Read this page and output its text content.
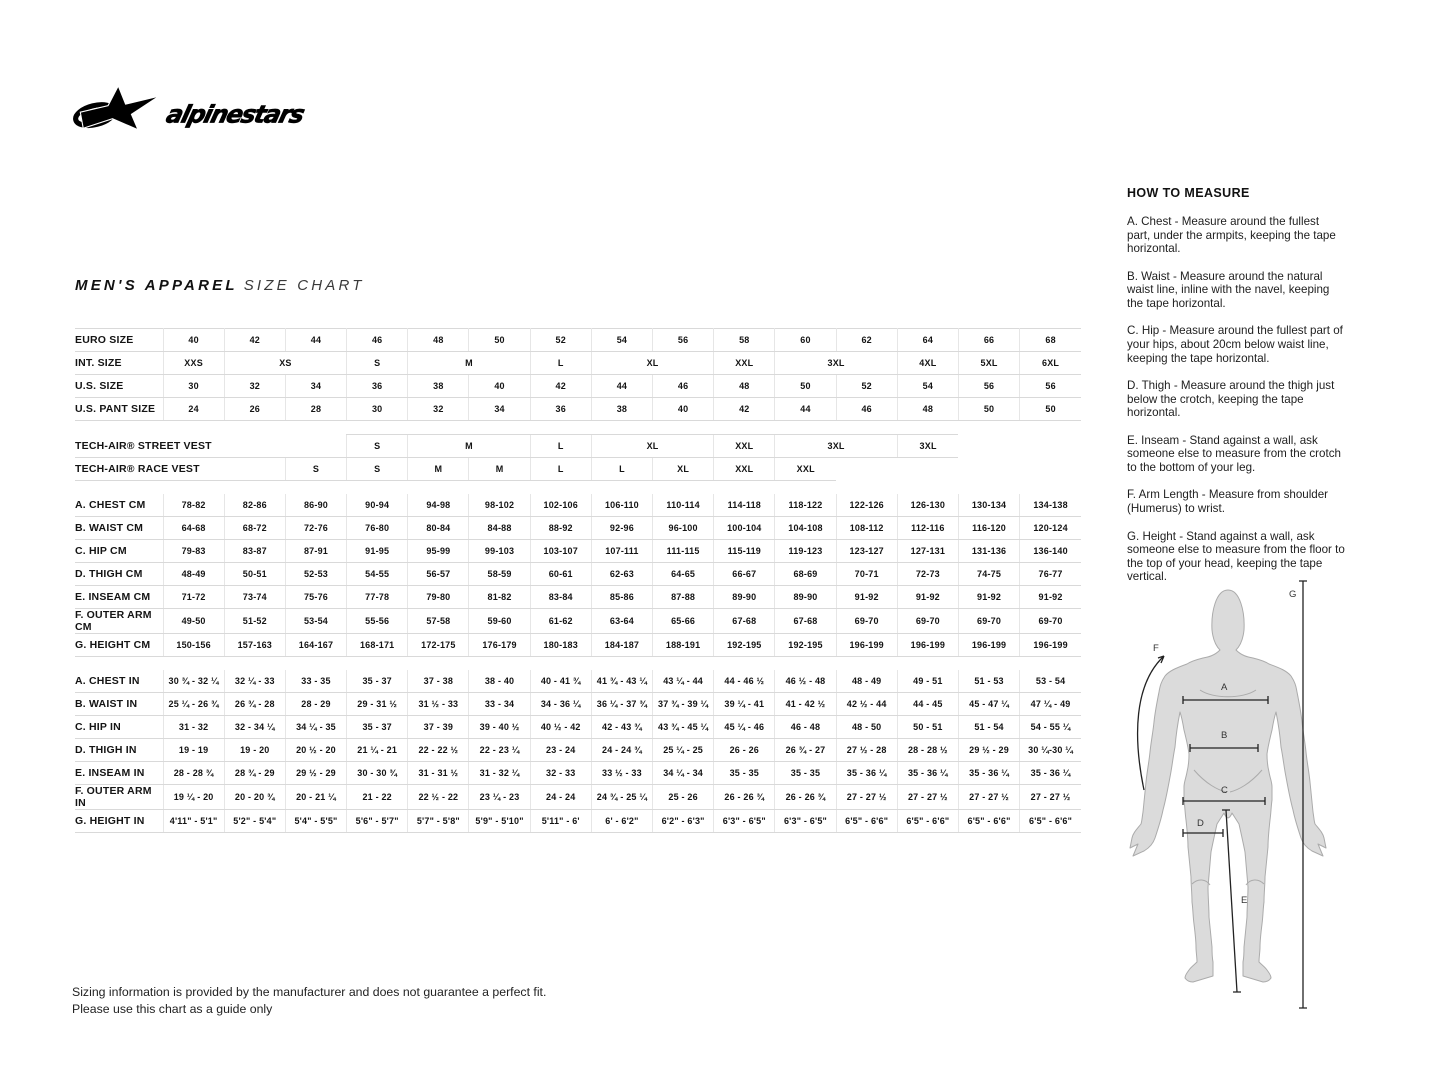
alpinestars
MEN'S APPAREL SIZE CHART
EURO SIZE	40	42	44	46	48	50	52	54	56	58	60	62	64	66	68
INT. SIZE	XXS	XS		S	M		L	XL		XXL	3XL		4XL	5XL	6XL
U.S. SIZE	30	32	34	36	38	40	42	44	46	48	50	52	54	56	56
U.S. PANT SIZE	24	26	28	30	32	34	36	38	40	42	44	46	48	50	50

TECH-AIR® STREET VEST				S	M		L	XL		XXL	3XL		3XL		
TECH-AIR® RACE VEST			S	S	M	M	L	L	XL	XXL	XXL				

A. CHEST CM	78-82	82-86	86-90	90-94	94-98	98-102	102-106	106-110	110-114	114-118	118-122	122-126	126-130	130-134	134-138
B. WAIST CM	64-68	68-72	72-76	76-80	80-84	84-88	88-92	92-96	96-100	100-104	104-108	108-112	112-116	116-120	120-124
C. HIP CM	79-83	83-87	87-91	91-95	95-99	99-103	103-107	107-111	111-115	115-119	119-123	123-127	127-131	131-136	136-140
D. THIGH CM	48-49	50-51	52-53	54-55	56-57	58-59	60-61	62-63	64-65	66-67	68-69	70-71	72-73	74-75	76-77
E. INSEAM CM	71-72	73-74	75-76	77-78	79-80	81-82	83-84	85-86	87-88	89-90	89-90	91-92	91-92	91-92	91-92
F. OUTER ARM CM	49-50	51-52	53-54	55-56	57-58	59-60	61-62	63-64	65-66	67-68	67-68	69-70	69-70	69-70	69-70
G. HEIGHT CM	150-156	157-163	164-167	168-171	172-175	176-179	180-183	184-187	188-191	192-195	192-195	196-199	196-199	196-199	196-199

A. CHEST IN	30 ¾ - 32 ¼	32 ¼ - 33	33 - 35	35 - 37	37 - 38	38 - 40	40 - 41 ¾	41 ¾ - 43 ¼	43 ¼ - 44	44 - 46 ½	46 ½ - 48	48 - 49	49 - 51	51 - 53	53 - 54
B. WAIST IN	25 ¼ - 26 ¾	26 ¾ - 28	28 - 29	29 - 31 ½	31 ½ - 33	33 - 34	34 - 36 ¼	36 ¼ - 37 ¾	37 ¾ - 39 ¼	39 ¼ - 41	41 - 42 ½	42 ½ - 44	44 - 45	45 - 47 ¼	47 ¼ - 49
C. HIP IN	31 - 32	32 - 34 ¼	34 ¼ - 35	35 - 37	37 - 39	39 - 40 ½	40 ½ - 42	42 - 43 ¾	43 ¾ - 45 ¼	45 ¼ - 46	46 - 48	48 - 50	50 - 51	51 - 54	54 - 55 ¼
D. THIGH IN	19 - 19	19 - 20	20 ½ - 20	21 ¼ - 21	22 - 22 ½	22 - 23 ¼	23 - 24	24 - 24 ¾	25 ¼ - 25	26 - 26	26 ¾ - 27	27 ½ - 28	28 - 28 ½	29 ½ - 29	30 ¼-30 ¼
E. INSEAM IN	28 - 28 ¾	28 ¾ - 29	29 ½ - 29	30 - 30 ¾	31 - 31 ½	31 - 32 ¼	32 - 33	33 ½ - 33	34 ¼ - 34	35 - 35	35 - 35	35 - 36 ¼	35 - 36 ¼	35 - 36 ¼	35 - 36 ¼
F. OUTER ARM IN	19 ¼ - 20	20 - 20 ¾	20 - 21 ¼	21 - 22	22 ½ - 22	23 ¼ - 23	24 - 24	24 ¾ - 25 ¼	25 - 26	26 - 26 ¾	26 - 26 ¾	27 - 27 ½	27 - 27 ½	27 - 27 ½	27 - 27 ½
G. HEIGHT IN	4'11" - 5'1"	5'2" - 5'4"	5'4" - 5'5"	5'6" - 5'7"	5'7" - 5'8"	5'9" - 5'10"	5'11" - 6'	6' - 6'2"	6'2" - 6'3"	6'3" - 6'5"	6'3" - 6'5"	6'5" - 6'6"	6'5" - 6'6"	6'5" - 6'6"	6'5" - 6'6"
HOW TO MEASURE

A. Chest - Measure around the fullest part, under the armpits, keeping the tape horizontal.

B. Waist - Measure around the natural waist line, inline with the navel, keeping the tape horizontal.

C. Hip - Measure around the fullest part of your hips, about 20cm below waist line, keeping the tape horizontal.

D. Thigh - Measure around the thigh just below the crotch, keeping the tape horizontal.

E. Inseam - Stand against a wall, ask someone else to measure from the crotch to the bottom of your leg.

F. Arm Length - Measure from shoulder (Humerus) to wrist.

G. Height - Stand against a wall, ask someone else to measure from the floor to the top of your head, keeping the tape vertical.

A
B
C
D
E
F
G
Sizing information is provided by the manufacturer and does not guarantee a perfect fit.
Please use this chart as a guide only
